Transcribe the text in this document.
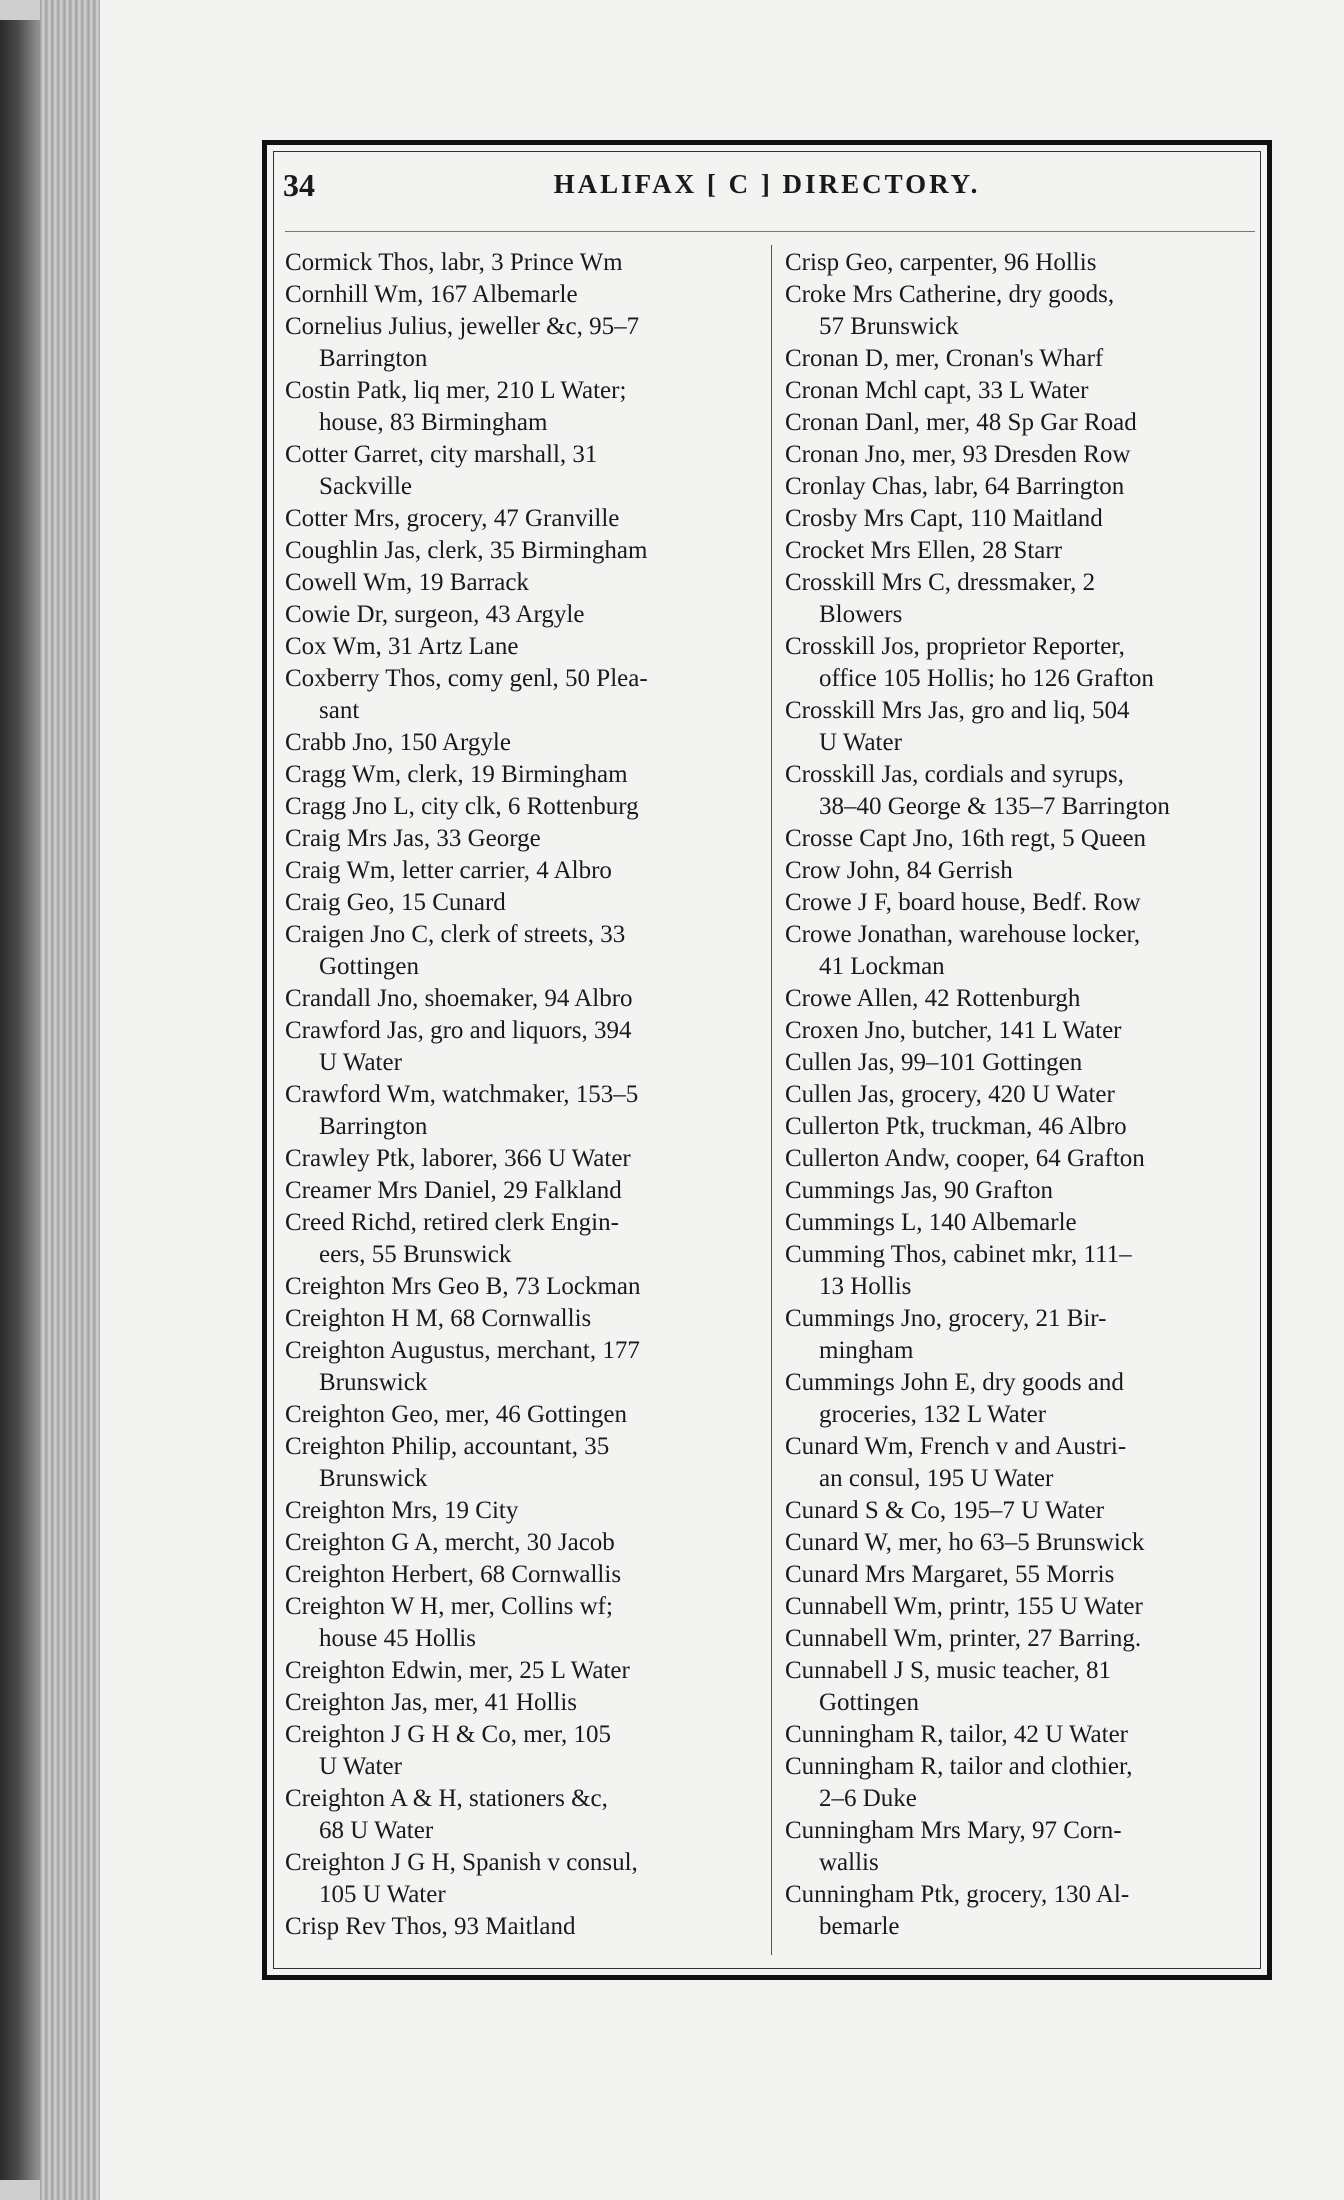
34	HALIFAX [ C ] DIRECTORY.
Cormick Thos, labr, 3 Prince Wm
Cornhill Wm, 167 Albemarle
Cornelius Julius, jeweller &c, 95–7
Barrington
Costin Patk, liq mer, 210 L Water;
house, 83 Birmingham
Cotter Garret, city marshall, 31
Sackville
Cotter Mrs, grocery, 47 Granville
Coughlin Jas, clerk, 35 Birmingham
Cowell Wm, 19 Barrack
Cowie Dr, surgeon, 43 Argyle
Cox Wm, 31 Artz Lane
Coxberry Thos, comy genl, 50 Plea-
sant
Crabb Jno, 150 Argyle
Cragg Wm, clerk, 19 Birmingham
Cragg Jno L, city clk, 6 Rottenburg
Craig Mrs Jas, 33 George
Craig Wm, letter carrier, 4 Albro
Craig Geo, 15 Cunard
Craigen Jno C, clerk of streets, 33
Gottingen
Crandall Jno, shoemaker, 94 Albro
Crawford Jas, gro and liquors, 394
U Water
Crawford Wm, watchmaker, 153–5
Barrington
Crawley Ptk, laborer, 366 U Water
Creamer Mrs Daniel, 29 Falkland
Creed Richd, retired clerk Engin-
eers, 55 Brunswick
Creighton Mrs Geo B, 73 Lockman
Creighton H M, 68 Cornwallis
Creighton Augustus, merchant, 177
Brunswick
Creighton Geo, mer, 46 Gottingen
Creighton Philip, accountant, 35
Brunswick
Creighton Mrs, 19 City
Creighton G A, mercht, 30 Jacob
Creighton Herbert, 68 Cornwallis
Creighton W H, mer, Collins wf;
house 45 Hollis
Creighton Edwin, mer, 25 L Water
Creighton Jas, mer, 41 Hollis
Creighton J G H & Co, mer, 105
U Water
Creighton A & H, stationers &c,
68 U Water
Creighton J G H, Spanish v consul,
105 U Water
Crisp Rev Thos, 93 Maitland
Crisp Geo, carpenter, 96 Hollis
Croke Mrs Catherine, dry goods,
57 Brunswick
Cronan D, mer, Cronan's Wharf
Cronan Mchl capt, 33 L Water
Cronan Danl, mer, 48 Sp Gar Road
Cronan Jno, mer, 93 Dresden Row
Cronlay Chas, labr, 64 Barrington
Crosby Mrs Capt, 110 Maitland
Crocket Mrs Ellen, 28 Starr
Crosskill Mrs C, dressmaker, 2
Blowers
Crosskill Jos, proprietor Reporter,
office 105 Hollis; ho 126 Grafton
Crosskill Mrs Jas, gro and liq, 504
U Water
Crosskill Jas, cordials and syrups,
38–40 George & 135–7 Barrington
Crosse Capt Jno, 16th regt, 5 Queen
Crow John, 84 Gerrish
Crowe J F, board house, Bedf. Row
Crowe Jonathan, warehouse locker,
41 Lockman
Crowe Allen, 42 Rottenburgh
Croxen Jno, butcher, 141 L Water
Cullen Jas, 99–101 Gottingen
Cullen Jas, grocery, 420 U Water
Cullerton Ptk, truckman, 46 Albro
Cullerton Andw, cooper, 64 Grafton
Cummings Jas, 90 Grafton
Cummings L, 140 Albemarle
Cumming Thos, cabinet mkr, 111–
13 Hollis
Cummings Jno, grocery, 21 Bir-
mingham
Cummings John E, dry goods and
groceries, 132 L Water
Cunard Wm, French v and Austri-
an consul, 195 U Water
Cunard S & Co, 195–7 U Water
Cunard W, mer, ho 63–5 Brunswick
Cunard Mrs Margaret, 55 Morris
Cunnabell Wm, printr, 155 U Water
Cunnabell Wm, printer, 27 Barring.
Cunnabell J S, music teacher, 81
Gottingen
Cunningham R, tailor, 42 U Water
Cunningham R, tailor and clothier,
2–6 Duke
Cunningham Mrs Mary, 97 Corn-
wallis
Cunningham Ptk, grocery, 130 Al-
bemarle
